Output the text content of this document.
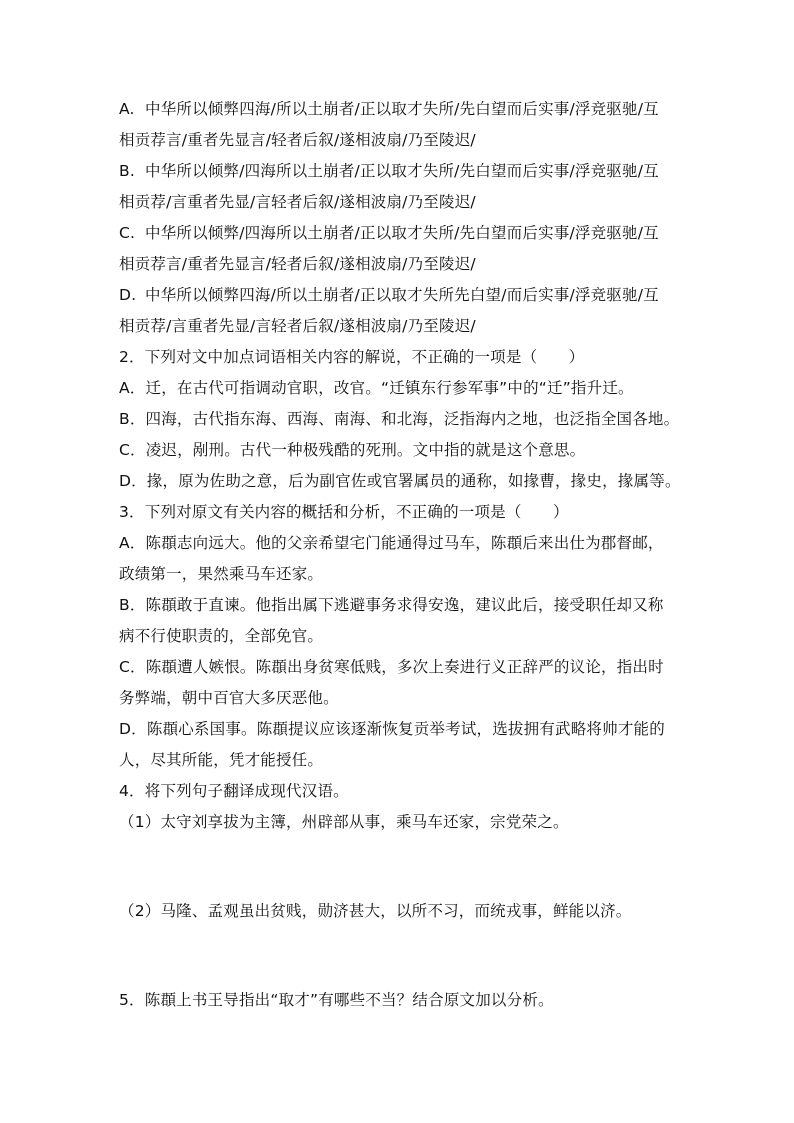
A. 中华所以倾弊四海/所以土崩者/正以取才失所/先白望而后实事/浮竞驱驰/互
相贡荐言/重者先显言/轻者后叙/遂相波扇/乃至陵迟/
B. 中华所以倾弊/四海所以土崩者/正以取才失所/先白望而后实事/浮竞驱驰/互
相贡荐/言重者先显/言轻者后叙/遂相波扇/乃至陵迟/
C. 中华所以倾弊/四海所以土崩者/正以取才失所/先白望而后实事/浮竞驱驰/互
相贡荐言/重者先显言/轻者后叙/遂相波扇/乃至陵迟/
D. 中华所以倾弊四海/所以土崩者/正以取才失所先白望/而后实事/浮竞驱驰/互
相贡荐/言重者先显/言轻者后叙/遂相波扇/乃至陵迟/
2．下列对文中加点词语相关内容的解说，不正确的一项是（　　）
A．迁，在古代可指调动官职，改官。“迁镇东行参军事”中的“迁”指升迁。
B．四海，古代指东海、西海、南海、和北海，泛指海内之地，也泛指全国各地。
C．凌迟，剐刑。古代一种极残酷的死刑。文中指的就是这个意思。
D．掾，原为佐助之意，后为副官佐或官署属员的通称，如掾曹，掾史，掾属等。
3．下列对原文有关内容的概括和分析，不正确的一项是（　　）
A．陈頵志向远大。他的父亲希望宅门能通得过马车，陈頵后来出仕为郡督邮，
政绩第一，果然乘马车还家。
B．陈頵敢于直谏。他指出属下逃避事务求得安逸，建议此后，接受职任却又称
病不行使职责的，全部免官。
C．陈頵遭人嫉恨。陈頵出身贫寒低贱，多次上奏进行义正辞严的议论，指出时
务弊端，朝中百官大多厌恶他。
D．陈頵心系国事。陈頵提议应该逐渐恢复贡举考试，选拔拥有武略将帅才能的
人，尽其所能，凭才能授任。
4．将下列句子翻译成现代汉语。
（1）太守刘享拔为主簿，州辟部从事，乘马车还家，宗党荣之。
（2）马隆、孟观虽出贫贱，勋济甚大，以所不习，而统戎事，鲜能以济。
5．陈頵上书王导指出“取才”有哪些不当？结合原文加以分析。
